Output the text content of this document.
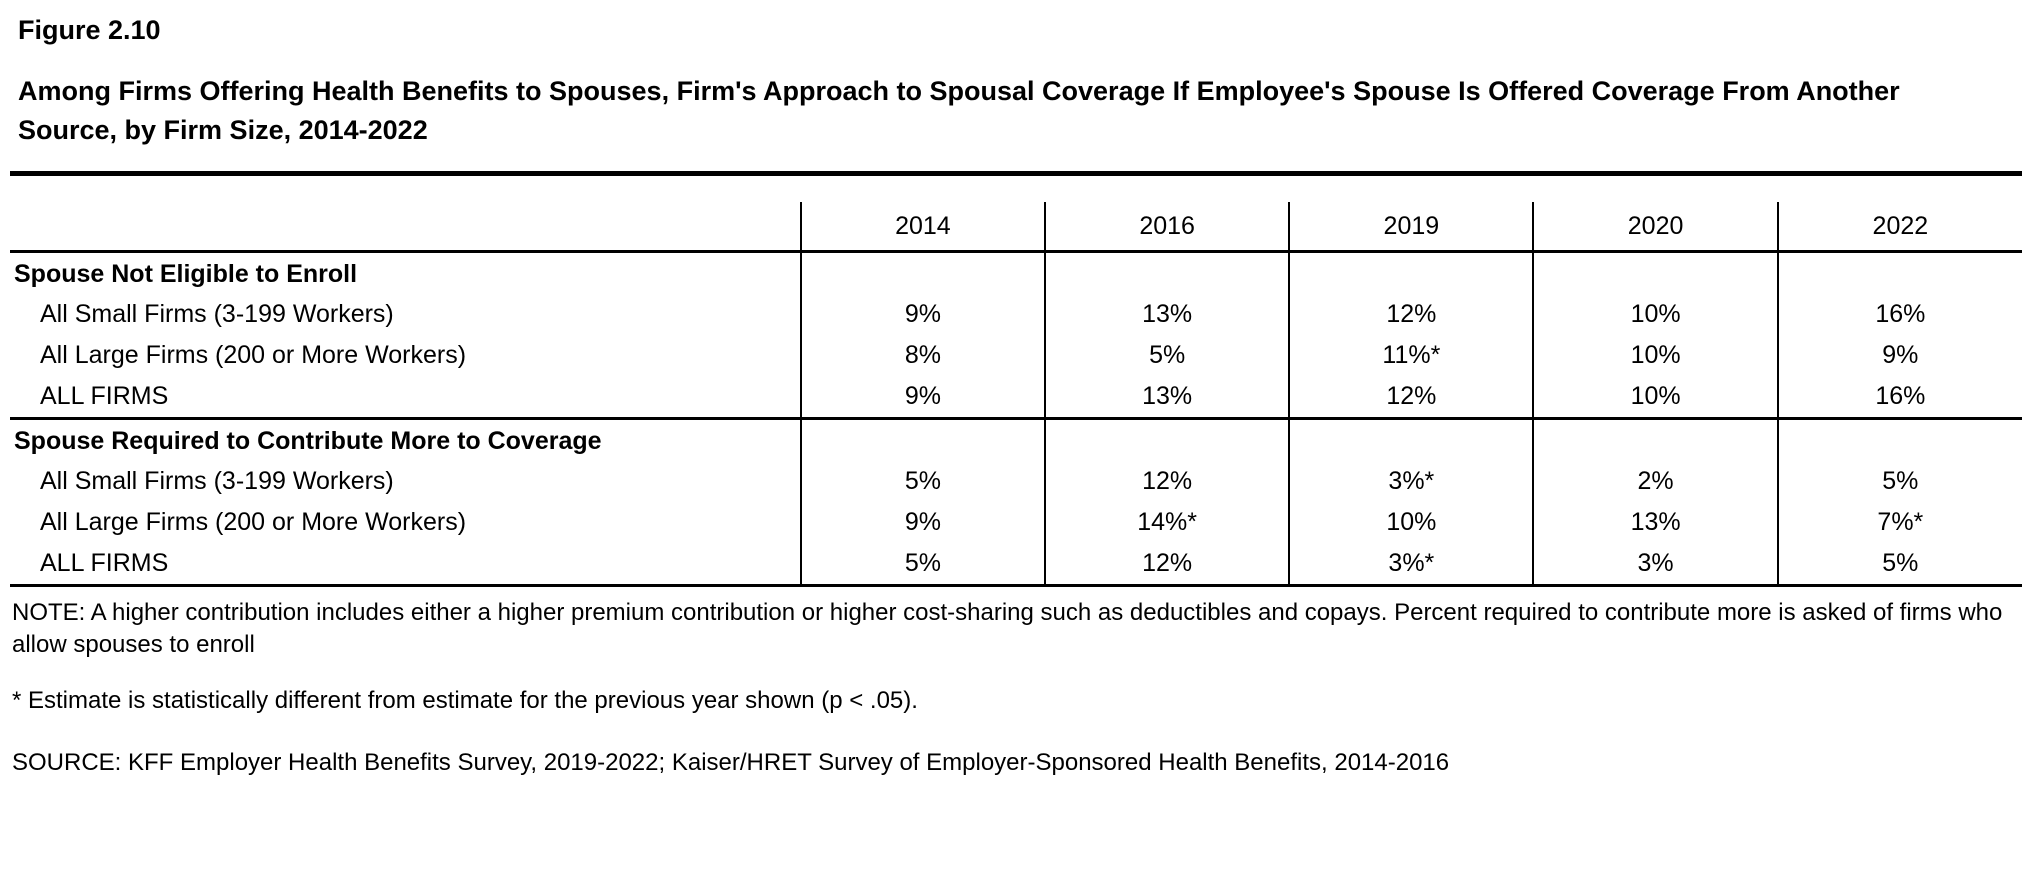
Figure 2.10
Among Firms Offering Health Benefits to Spouses, Firm's Approach to Spousal Coverage If Employee's Spouse Is Offered Coverage From Another Source, by Firm Size, 2014-2022
	2014	2016	2019	2020	2022

Spouse Not Eligible to Enroll					
All Small Firms (3-199 Workers)	9%	13%	12%	10%	16%
All Large Firms (200 or More Workers)	8%	5%	11%*	10%	9%
ALL FIRMS	9%	13%	12%	10%	16%

Spouse Required to Contribute More to Coverage					
All Small Firms (3-199 Workers)	5%	12%	3%*	2%	5%
All Large Firms (200 or More Workers)	9%	14%*	10%	13%	7%*
ALL FIRMS	5%	12%	3%*	3%	5%

NOTE: A higher contribution includes either a higher premium contribution or higher cost-sharing such as deductibles and copays. Percent required to contribute more is asked of firms who allow spouses to enroll
* Estimate is statistically different from estimate for the previous year shown (p < .05).
SOURCE: KFF Employer Health Benefits Survey, 2019-2022; Kaiser/HRET Survey of Employer-Sponsored Health Benefits, 2014-2016
